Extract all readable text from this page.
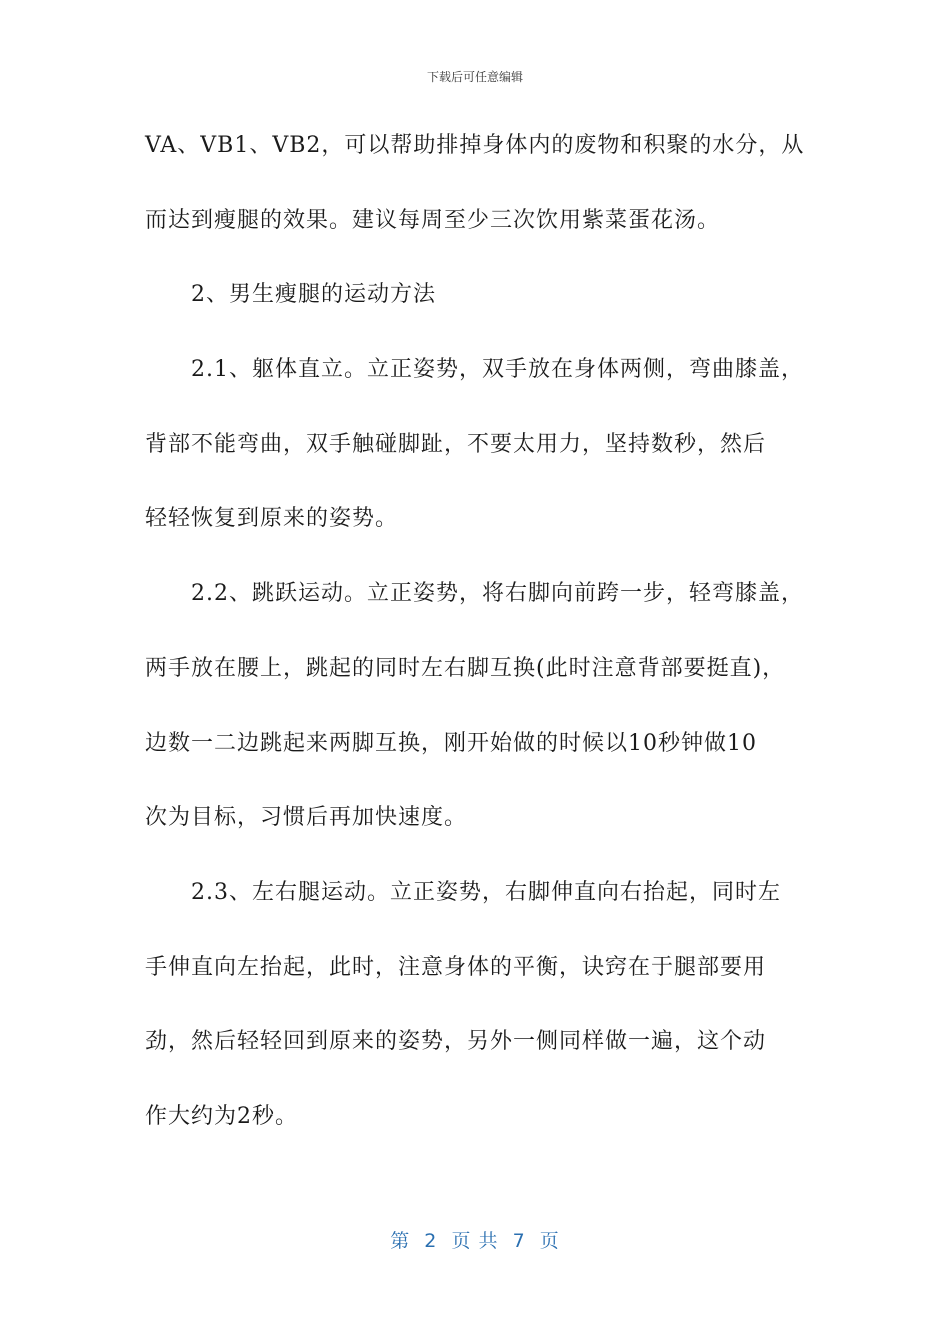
下载后可任意编辑
VA、VB1、VB2，可以帮助排掉身体内的废物和积聚的水分，从
而达到瘦腿的效果。建议每周至少三次饮用紫菜蛋花汤。
2、男生瘦腿的运动方法
2.1、躯体直立。立正姿势，双手放在身体两侧，弯曲膝盖，
背部不能弯曲，双手触碰脚趾，不要太用力，坚持数秒，然后
轻轻恢复到原来的姿势。
2.2、跳跃运动。立正姿势，将右脚向前跨一步，轻弯膝盖，
两手放在腰上，跳起的同时左右脚互换(此时注意背部要挺直)，
边数一二边跳起来两脚互换，刚开始做的时候以10秒钟做10
次为目标，习惯后再加快速度。
2.3、左右腿运动。立正姿势，右脚伸直向右抬起，同时左
手伸直向左抬起，此时，注意身体的平衡，诀窍在于腿部要用
劲，然后轻轻回到原来的姿势，另外一侧同样做一遍，这个动
作大约为2秒。
第  2  页 共  7  页
